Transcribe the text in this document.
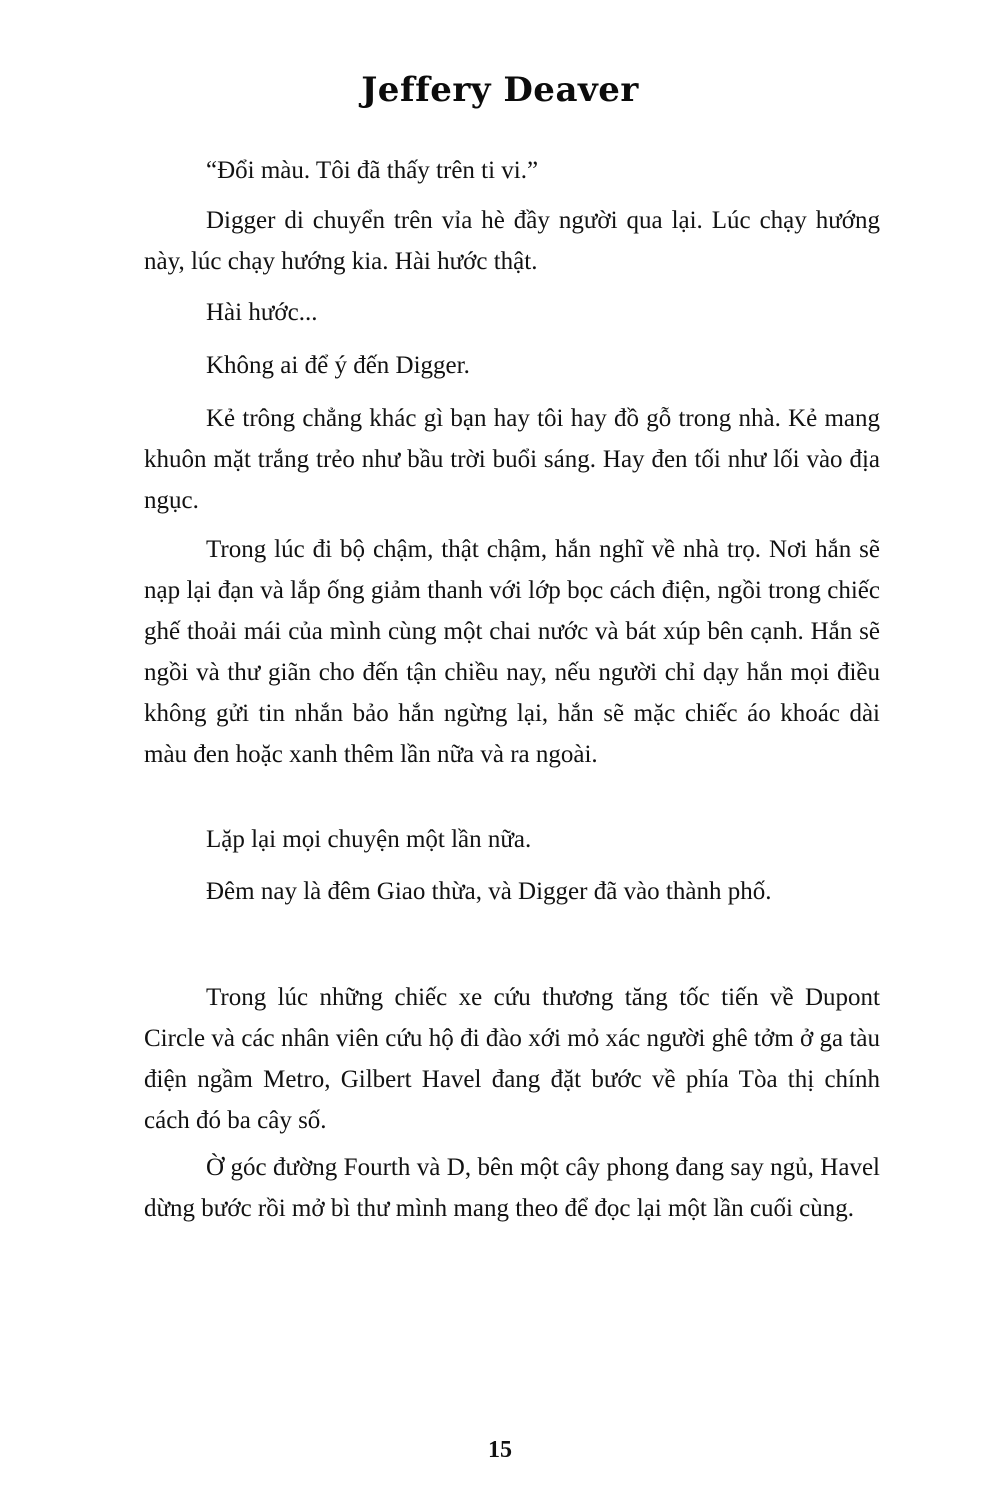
Jeffery Deaver

“Đổi màu. Tôi đã thấy trên ti vi.”

Digger di chuyển trên vỉa hè đầy người qua lại. Lúc chạy hướng này, lúc chạy hướng kia. Hài hước thật.

Hài hước...

Không ai để ý đến Digger.

Kẻ trông chẳng khác gì bạn hay tôi hay đồ gỗ trong nhà. Kẻ mang khuôn mặt trắng trẻo như bầu trời buổi sáng. Hay đen tối như lối vào địa ngục.

Trong lúc đi bộ chậm, thật chậm, hắn nghĩ về nhà trọ. Nơi hắn sẽ nạp lại đạn và lắp ống giảm thanh với lớp bọc cách điện, ngồi trong chiếc ghế thoải mái của mình cùng một chai nước và bát xúp bên cạnh. Hắn sẽ ngồi và thư giãn cho đến tận chiều nay, nếu người chỉ dạy hắn mọi điều không gửi tin nhắn bảo hắn ngừng lại, hắn sẽ mặc chiếc áo khoác dài màu đen hoặc xanh thêm lần nữa và ra ngoài.

Lặp lại mọi chuyện một lần nữa.

Đêm nay là đêm Giao thừa, và Digger đã vào thành phố.

Trong lúc những chiếc xe cứu thương tăng tốc tiến về Dupont Circle và các nhân viên cứu hộ đi đào xới mỏ xác người ghê tởm ở ga tàu điện ngầm Metro, Gilbert Havel đang đặt bước về phía Tòa thị chính cách đó ba cây số.

Ờ góc đường Fourth và D, bên một cây phong đang say ngủ, Havel dừng bước rồi mở bì thư mình mang theo để đọc lại một lần cuối cùng.

15
